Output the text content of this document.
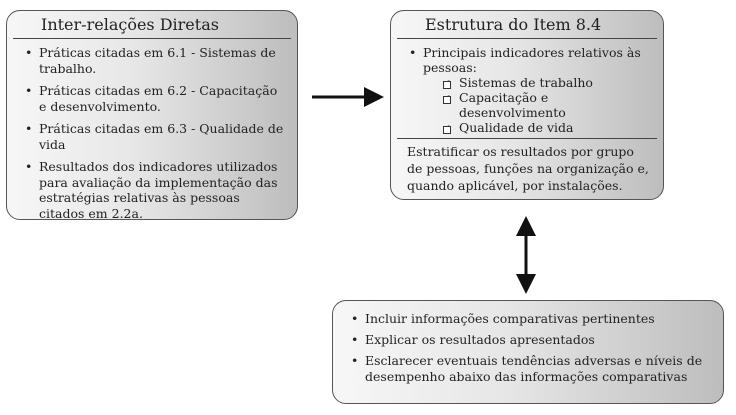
Inter-relações Diretas
• Práticas citadas em 6.1 - Sistemas de trabalho.
• Práticas citadas em 6.2 - Capacitação e desenvolvimento.
• Práticas citadas em 6.3 - Qualidade de vida
• Resultados dos indicadores utilizados para avaliação da implementação das estratégias relativas às pessoas citados em 2.2a.
Estrutura do Item 8.4
• Principais indicadores relativos às pessoas:
• Sistemas de trabalho
• Capacitação e desenvolvimento
• Qualidade de vida
Estratificar os resultados por grupo de pessoas, funções na organização e, quando aplicável, por instalações.
• Incluir informações comparativas pertinentes
• Explicar os resultados apresentados
• Esclarecer eventuais tendências adversas e níveis de desempenho abaixo das informações comparativas
